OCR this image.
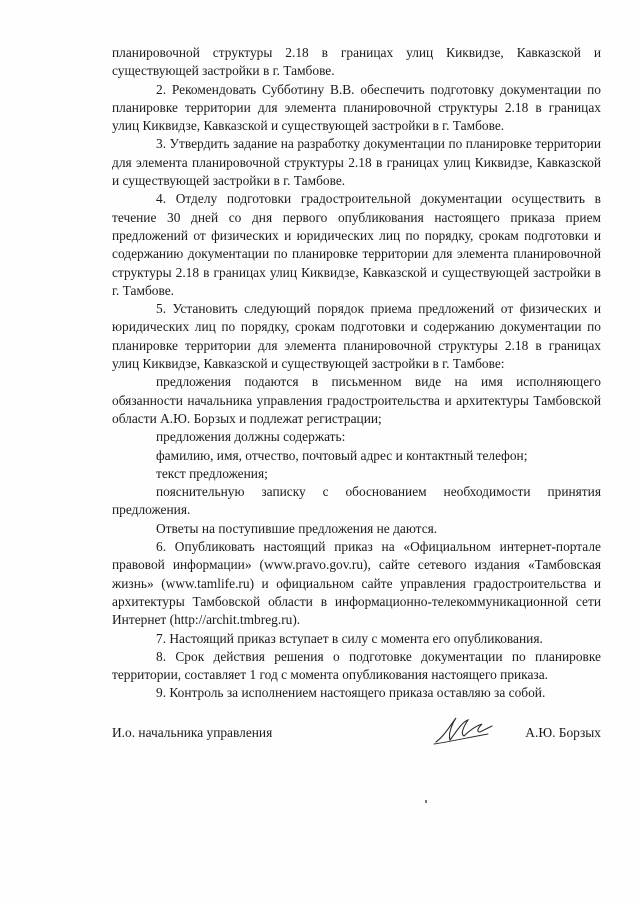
планировочной структуры 2.18 в границах улиц Киквидзе, Кавказской и существующей застройки в г. Тамбове.

2. Рекомендовать Субботину В.В. обеспечить подготовку документации по планировке территории для элемента планировочной структуры 2.18 в границах улиц Киквидзе, Кавказской и существующей застройки в г. Тамбове.

3. Утвердить задание на разработку документации по планировке территории для элемента планировочной структуры 2.18 в границах улиц Киквидзе, Кавказской и существующей застройки в г. Тамбове.

4. Отделу подготовки градостроительной документации осуществить в течение 30 дней со дня первого опубликования настоящего приказа прием предложений от физических и юридических лиц по порядку, срокам подготовки и содержанию документации по планировке территории для элемента планировочной структуры 2.18 в границах улиц Киквидзе, Кавказской и существующей застройки в г. Тамбове.

5. Установить следующий порядок приема предложений от физических и юридических лиц по порядку, срокам подготовки и содержанию документации по планировке территории для элемента планировочной структуры 2.18 в границах улиц Киквидзе, Кавказской и существующей застройки в г. Тамбове:

предложения подаются в письменном виде на имя исполняющего обязанности начальника управления градостроительства и архитектуры Тамбовской области А.Ю. Борзых и подлежат регистрации;

предложения должны содержать:

фамилию, имя, отчество, почтовый адрес и контактный телефон;

текст предложения;

пояснительную записку с обоснованием необходимости принятия предложения.

Ответы на поступившие предложения не даются.

6. Опубликовать настоящий приказ на «Официальном интернет-портале правовой информации» (www.pravo.gov.ru), сайте сетевого издания «Тамбовская жизнь» (www.tamlife.ru) и официальном сайте управления градостроительства и архитектуры Тамбовской области в информационно-телекоммуникационной сети Интернет (http://archit.tmbreg.ru).

7. Настоящий приказ вступает в силу с момента его опубликования.

8. Срок действия решения о подготовке документации по планировке территории, составляет 1 год с момента опубликования настоящего приказа.

9. Контроль за исполнением настоящего приказа оставляю за собой.

И.о. начальника управления	А.Ю. Борзых
